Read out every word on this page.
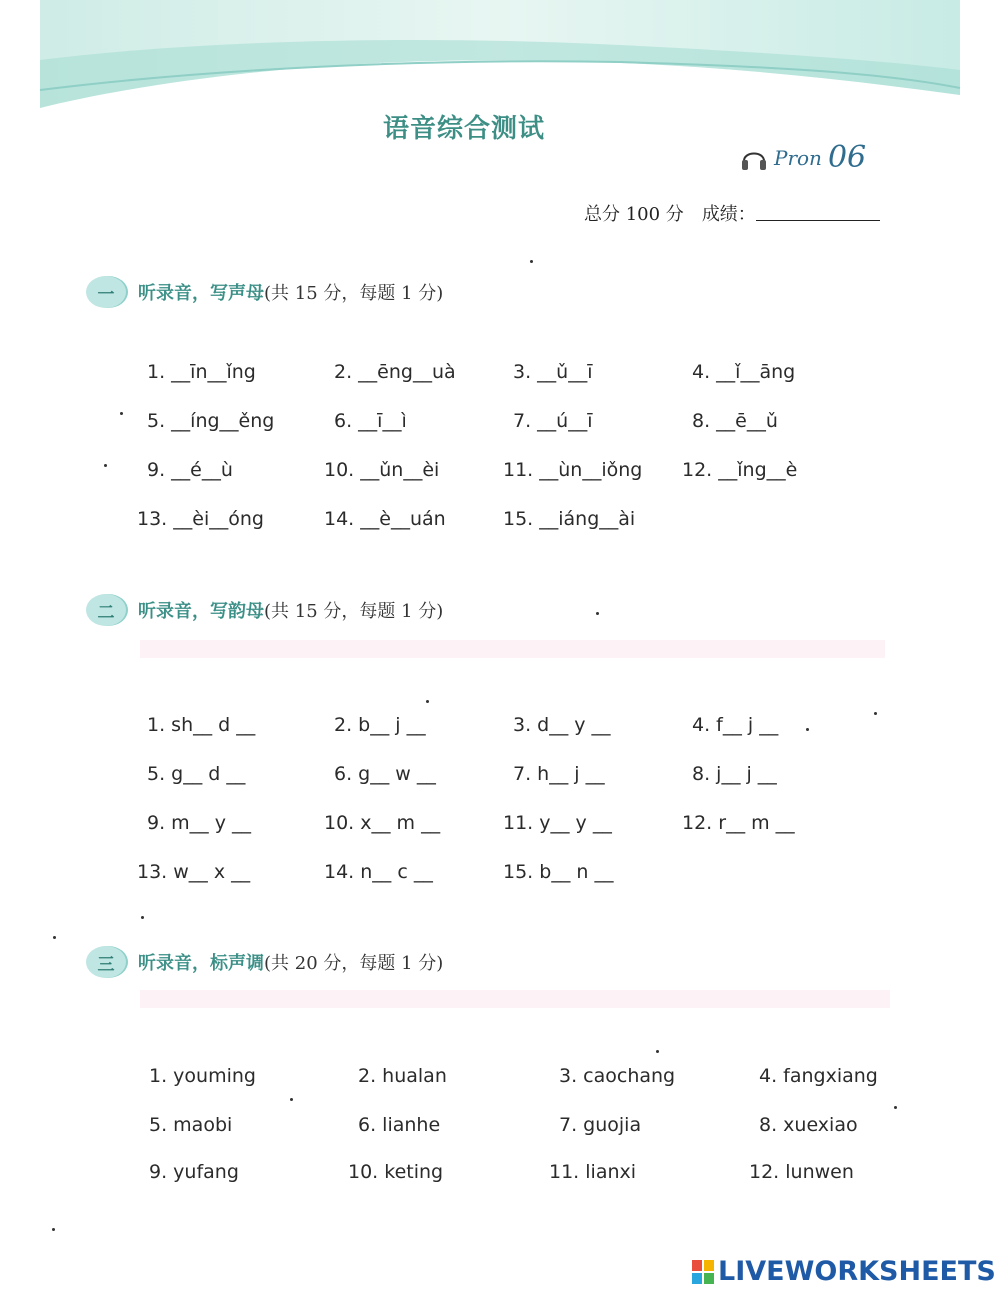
语音综合测试
Pron 06
总分 100 分 成绩：
一	听录音，写声母(共 15 分，每题 1 分)
1. __īn__ǐng	2. __ēng__uà	3. __ǔ__ī	4. __ǐ__āng
5. __íng__ěng	6. __ī__ì	7. __ú__ī	8. __ē__ǔ
9. __é__ù	10. __ǔn__èi	11. __ùn__iǒng 12. __ǐng__è
13. __èi__óng	14. __è__uán	15. __iáng__ài
二	听录音，写韵母(共 15 分，每题 1 分)
1. sh__ d __	2. b__ j __	3. d__ y __	4. f__ j __
5. g__ d __	6. g__ w __	7. h__ j __	8. j__ j __
9. m__ y __	10. x__ m __	11. y__ y __	12. r__ m __
13. w__ x __	14. n__ c __	15. b__ n __
三	听录音，标声调(共 20 分，每题 1 分)
1. youming	2. hualan	3. caochang	4. fangxiang
5. maobi	6. lianhe	7. guojia	8. xuexiao
9. yufang	10. keting	11. lianxi	12. lunwen
LIVEWORKSHEETS
